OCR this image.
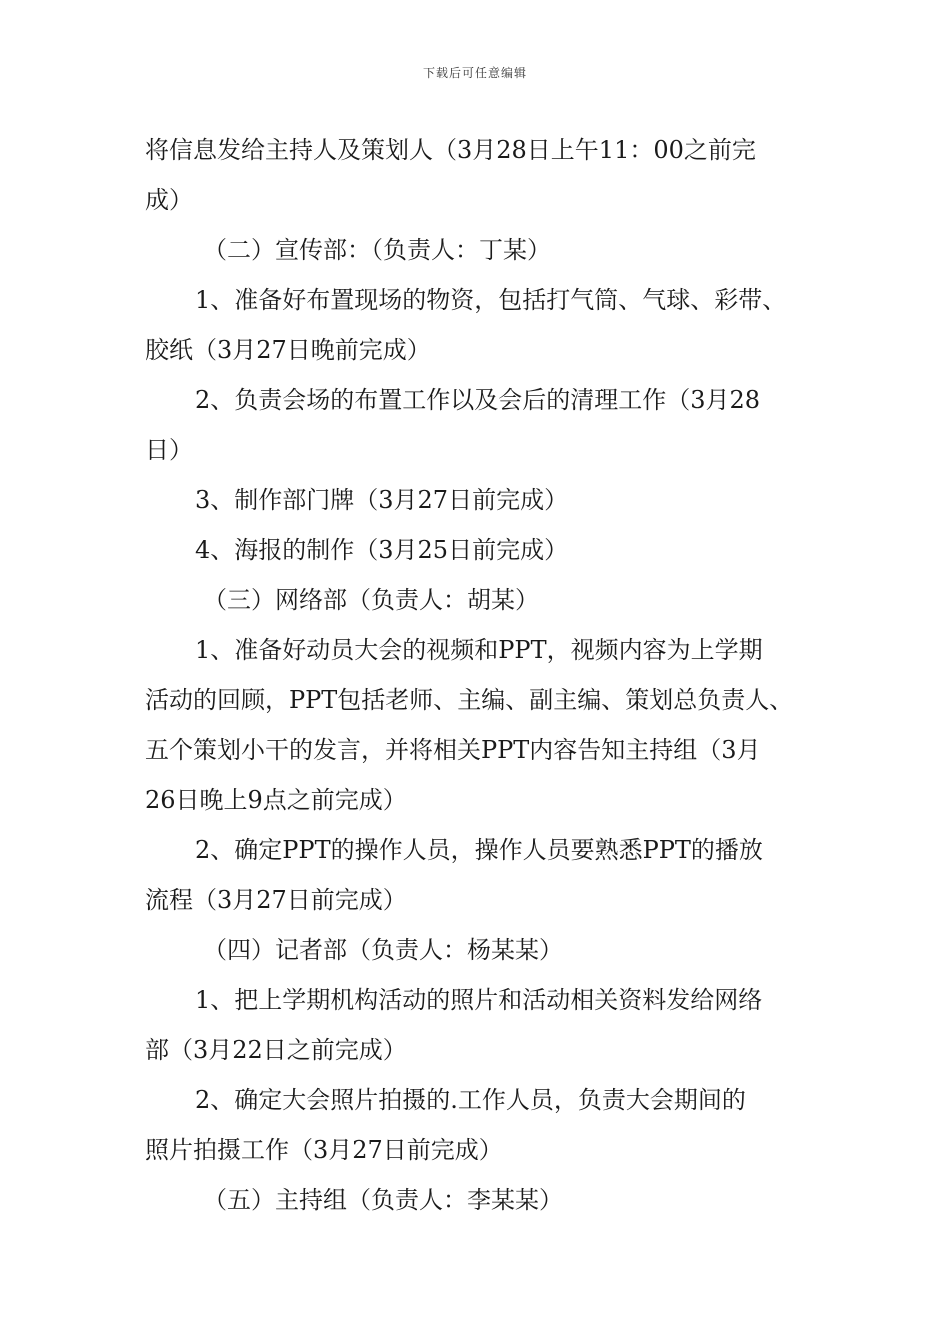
下载后可任意编辑
将信息发给主持人及策划人（3月28日上午11：00之前完
成）
（二）宣传部：（负责人：丁某）
1、准备好布置现场的物资，包括打气筒、气球、彩带、
胶纸（3月27日晚前完成）
2、负责会场的布置工作以及会后的清理工作（3月28
日）
3、制作部门牌（3月27日前完成）
4、海报的制作（3月25日前完成）
（三）网络部（负责人：胡某）
1、准备好动员大会的视频和PPT，视频内容为上学期
活动的回顾，PPT包括老师、主编、副主编、策划总负责人、
五个策划小干的发言，并将相关PPT内容告知主持组（3月
26日晚上9点之前完成）
2、确定PPT的操作人员，操作人员要熟悉PPT的播放
流程（3月27日前完成）
（四）记者部（负责人：杨某某）
1、把上学期机构活动的照片和活动相关资料发给网络
部（3月22日之前完成）
2、确定大会照片拍摄的.工作人员，负责大会期间的
照片拍摄工作（3月27日前完成）
（五）主持组（负责人：李某某）
